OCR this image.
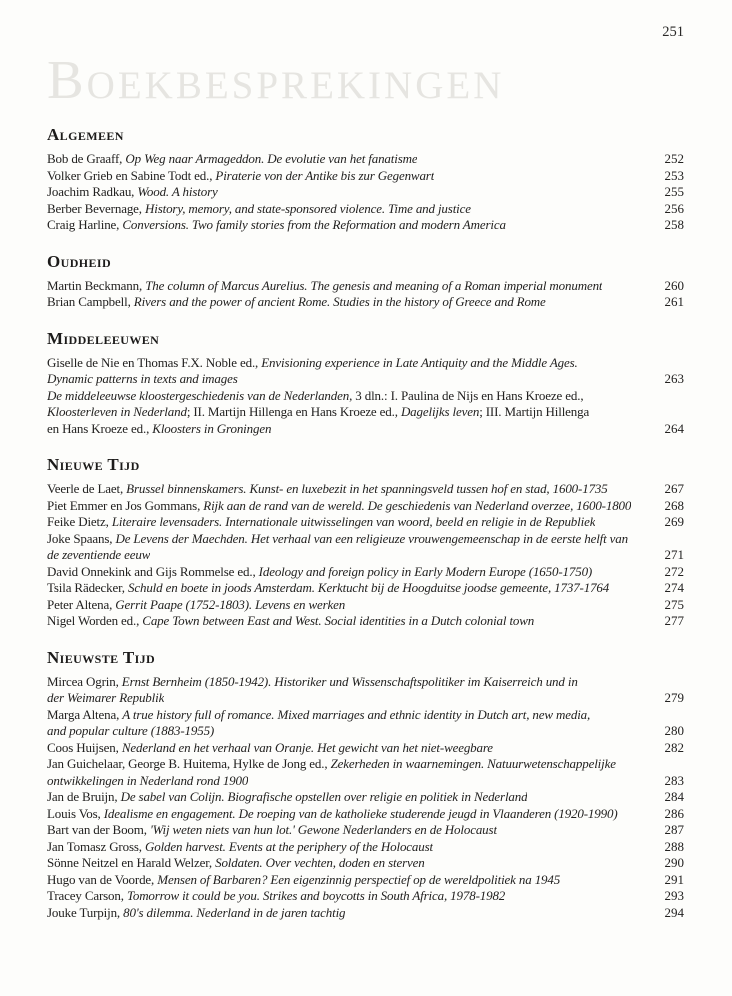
251
Boekbesprekingen
Algemeen
Bob de Graaff, Op Weg naar Armageddon. De evolutie van het fanatisme	252
Volker Grieb en Sabine Todt ed., Piraterie von der Antike bis zur Gegenwart	253
Joachim Radkau, Wood. A history	255
Berber Bevernage, History, memory, and state-sponsored violence. Time and justice	256
Craig Harline, Conversions. Two family stories from the Reformation and modern America	258
Oudheid
Martin Beckmann, The column of Marcus Aurelius. The genesis and meaning of a Roman imperial monument	260
Brian Campbell, Rivers and the power of ancient Rome. Studies in the history of Greece and Rome	261
Middeleeuwen
Giselle de Nie en Thomas F.X. Noble ed., Envisioning experience in Late Antiquity and the Middle Ages.
Dynamic patterns in texts and images	263
De middeleeuwse kloostergeschiedenis van de Nederlanden, 3 dln.: I. Paulina de Nijs en Hans Kroeze ed.,
Kloosterleven in Nederland; II. Martijn Hillenga en Hans Kroeze ed., Dagelijks leven; III. Martijn Hillenga
en Hans Kroeze ed., Kloosters in Groningen	264
Nieuwe Tijd
Veerle de Laet, Brussel binnenskamers. Kunst- en luxebezit in het spanningsveld tussen hof en stad, 1600-1735	267
Piet Emmer en Jos Gommans, Rijk aan de rand van de wereld. De geschiedenis van Nederland overzee, 1600-1800	268
Feike Dietz, Literaire levensaders. Internationale uitwisselingen van woord, beeld en religie in de Republiek	269
Joke Spaans, De Levens der Maechden. Het verhaal van een religieuze vrouwengemeenschap in de eerste helft van
de zeventiende eeuw	271
David Onnekink and Gijs Rommelse ed., Ideology and foreign policy in Early Modern Europe (1650-1750)	272
Tsila Rädecker, Schuld en boete in joods Amsterdam. Kerktucht bij de Hoogduitse joodse gemeente, 1737-1764	274
Peter Altena, Gerrit Paape (1752-1803). Levens en werken	275
Nigel Worden ed., Cape Town between East and West. Social identities in a Dutch colonial town	277
Nieuwste Tijd
Mircea Ogrin, Ernst Bernheim (1850-1942). Historiker und Wissenschaftspolitiker im Kaiserreich und in
der Weimarer Republik	279
Marga Altena, A true history full of romance. Mixed marriages and ethnic identity in Dutch art, new media,
and popular culture (1883-1955)	280
Coos Huijsen, Nederland en het verhaal van Oranje. Het gewicht van het niet-weegbare	282
Jan Guichelaar, George B. Huitema, Hylke de Jong ed., Zekerheden in waarnemingen. Natuurwetenschappelijke
ontwikkelingen in Nederland rond 1900	283
Jan de Bruijn, De sabel van Colijn. Biografische opstellen over religie en politiek in Nederland	284
Louis Vos, Idealisme en engagement. De roeping van de katholieke studerende jeugd in Vlaanderen (1920-1990)	286
Bart van der Boom, 'Wij weten niets van hun lot.' Gewone Nederlanders en de Holocaust	287
Jan Tomasz Gross, Golden harvest. Events at the periphery of the Holocaust	288
Sönne Neitzel en Harald Welzer, Soldaten. Over vechten, doden en sterven	290
Hugo van de Voorde, Mensen of Barbaren? Een eigenzinnig perspectief op de wereldpolitiek na 1945	291
Tracey Carson, Tomorrow it could be you. Strikes and boycotts in South Africa, 1978-1982	293
Jouke Turpijn, 80's dilemma. Nederland in de jaren tachtig	294
